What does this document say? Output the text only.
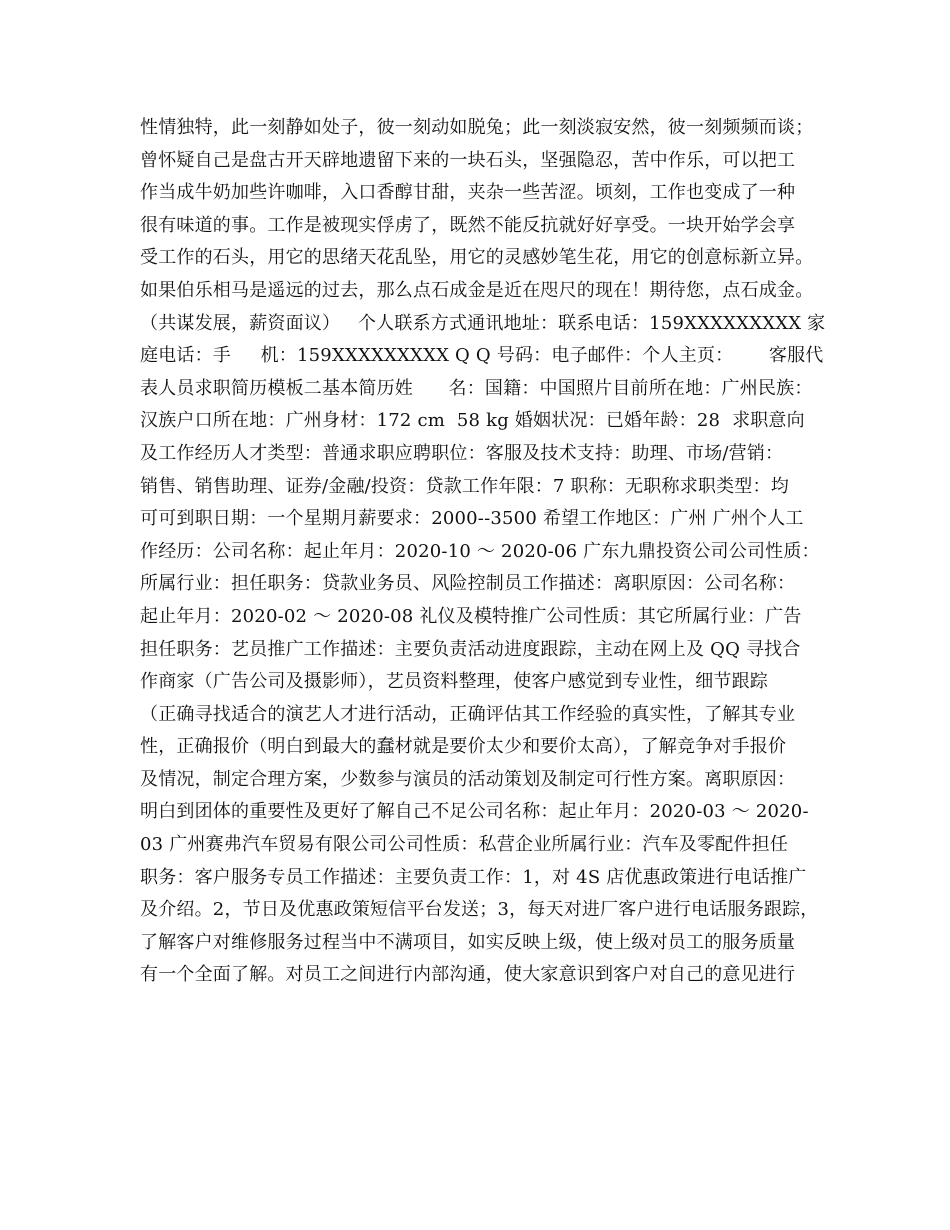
性情独特，此一刻静如处子，彼一刻动如脱兔；此一刻淡寂安然，彼一刻频频而谈；
曾怀疑自己是盘古开天辟地遗留下来的一块石头，坚强隐忍，苦中作乐，可以把工
作当成牛奶加些许咖啡，入口香醇甘甜，夹杂一些苦涩。顷刻，工作也变成了一种
很有味道的事。工作是被现实俘虏了，既然不能反抗就好好享受。一块开始学会享
受工作的石头，用它的思绪天花乱坠，用它的灵感妙笔生花，用它的创意标新立异。
如果伯乐相马是遥远的过去，那么点石成金是近在咫尺的现在！期待您，点石成金。
（共谋发展，薪资面议）   个人联系方式通讯地址：联系电话：159XXXXXXXXX 家
庭电话：手     机：159XXXXXXXXX Q Q 号码：电子邮件：个人主页：      客服代
表人员求职简历模板二基本简历姓      名：国籍：中国照片目前所在地：广州民族：
汉族户口所在地：广州身材：172 cm  58 kg 婚姻状况：已婚年龄：28  求职意向
及工作经历人才类型：普通求职应聘职位：客服及技术支持：助理、市场/营销：
销售、销售助理、证券/金融/投资：贷款工作年限：7 职称：无职称求职类型：均
可可到职日期：一个星期月薪要求：2000--3500 希望工作地区：广州 广州个人工
作经历：公司名称：起止年月：2020-10 ～ 2020-06 广东九鼎投资公司公司性质：
所属行业：担任职务：贷款业务员、风险控制员工作描述：离职原因：公司名称：
起止年月：2020-02 ～ 2020-08 礼仪及模特推广公司性质：其它所属行业：广告
担任职务：艺员推广工作描述：主要负责活动进度跟踪，主动在网上及 QQ 寻找合
作商家（广告公司及摄影师），艺员资料整理，使客户感觉到专业性，细节跟踪
（正确寻找适合的演艺人才进行活动，正确评估其工作经验的真实性，了解其专业
性，正确报价（明白到最大的蠢材就是要价太少和要价太高），了解竞争对手报价
及情况，制定合理方案，少数参与演员的活动策划及制定可行性方案。离职原因：
明白到团体的重要性及更好了解自己不足公司名称：起止年月：2020-03 ～ 2020-
03 广州赛弗汽车贸易有限公司公司性质：私营企业所属行业：汽车及零配件担任
职务：客户服务专员工作描述：主要负责工作：1，对 4S 店优惠政策进行电话推广
及介绍。2，节日及优惠政策短信平台发送；3，每天对进厂客户进行电话服务跟踪，
了解客户对维修服务过程当中不满项目，如实反映上级，使上级对员工的服务质量
有一个全面了解。对员工之间进行内部沟通，使大家意识到客户对自己的意见进行
